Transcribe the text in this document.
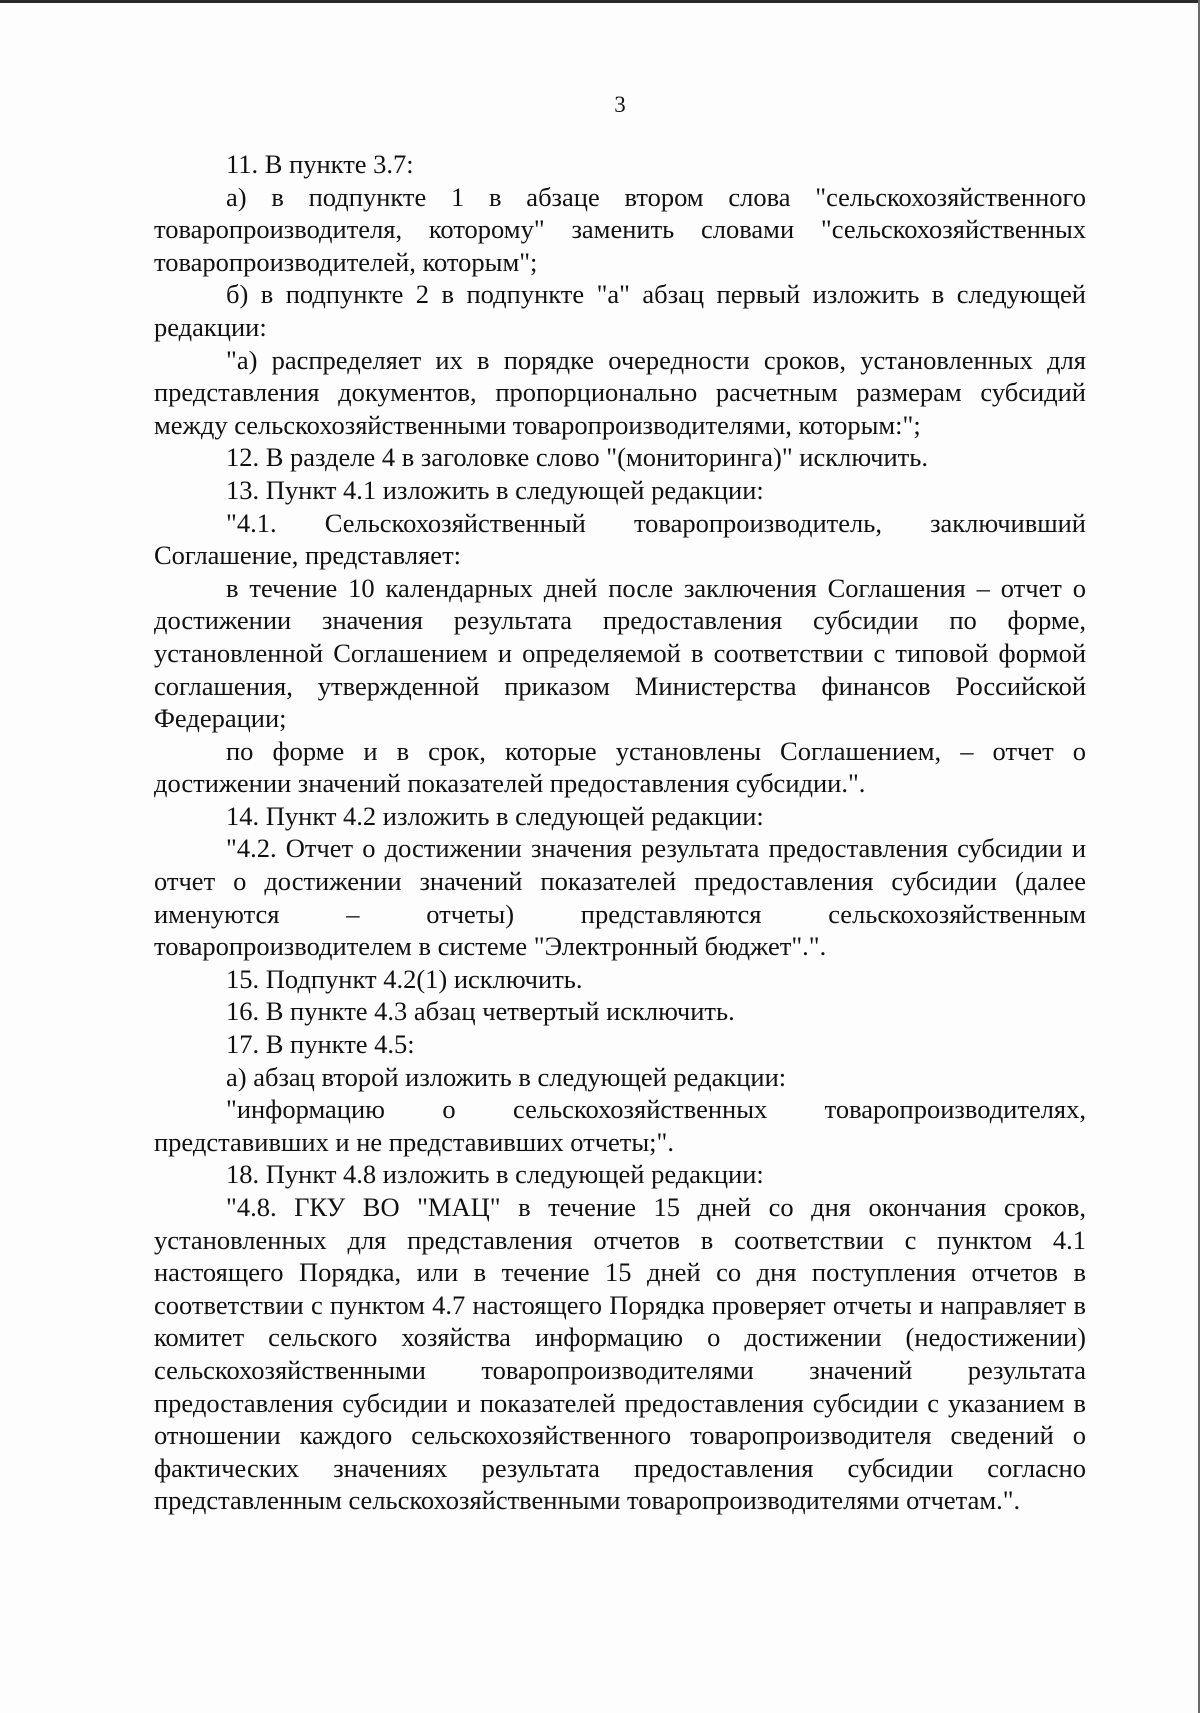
3

11. В пункте 3.7:

а) в подпункте 1 в абзаце втором слова "сельскохозяйственного товаропроизводителя, которому" заменить словами "сельскохозяйственных товаропроизводителей, которым";

б) в подпункте 2 в подпункте "а" абзац первый изложить в следующей редакции:

"а) распределяет их в порядке очередности сроков, установленных для представления документов, пропорционально расчетным размерам субсидий между сельскохозяйственными товаропроизводителями, которым:";

12. В разделе 4 в заголовке слово "(мониторинга)" исключить.

13. Пункт 4.1 изложить в следующей редакции:

"4.1. Сельскохозяйственный товаропроизводитель, заключивший Соглашение, представляет:

в течение 10 календарных дней после заключения Соглашения – отчет о достижении значения результата предоставления субсидии по форме, установленной Соглашением и определяемой в соответствии с типовой формой соглашения, утвержденной приказом Министерства финансов Российской Федерации;

по форме и в срок, которые установлены Соглашением, – отчет о достижении значений показателей предоставления субсидии.".

14. Пункт 4.2 изложить в следующей редакции:

"4.2. Отчет о достижении значения результата предоставления субсидии и отчет о достижении значений показателей предоставления субсидии (далее именуются – отчеты) представляются сельскохозяйственным товаропроизводителем в системе "Электронный бюджет".".

15. Подпункт 4.2(1) исключить.

16. В пункте 4.3 абзац четвертый исключить.

17. В пункте 4.5:

а) абзац второй изложить в следующей редакции:

"информацию о сельскохозяйственных товаропроизводителях, представивших и не представивших отчеты;".

18. Пункт 4.8 изложить в следующей редакции:

"4.8. ГКУ ВО "МАЦ" в течение 15 дней со дня окончания сроков, установленных для представления отчетов в соответствии с пунктом 4.1 настоящего Порядка, или в течение 15 дней со дня поступления отчетов в соответствии с пунктом 4.7 настоящего Порядка проверяет отчеты и направляет в комитет сельского хозяйства информацию о достижении (недостижении) сельскохозяйственными товаропроизводителями значений результата предоставления субсидии и показателей предоставления субсидии с указанием в отношении каждого сельскохозяйственного товаропроизводителя сведений о фактических значениях результата предоставления субсидии согласно представленным сельскохозяйственными товаропроизводителями отчетам.".
